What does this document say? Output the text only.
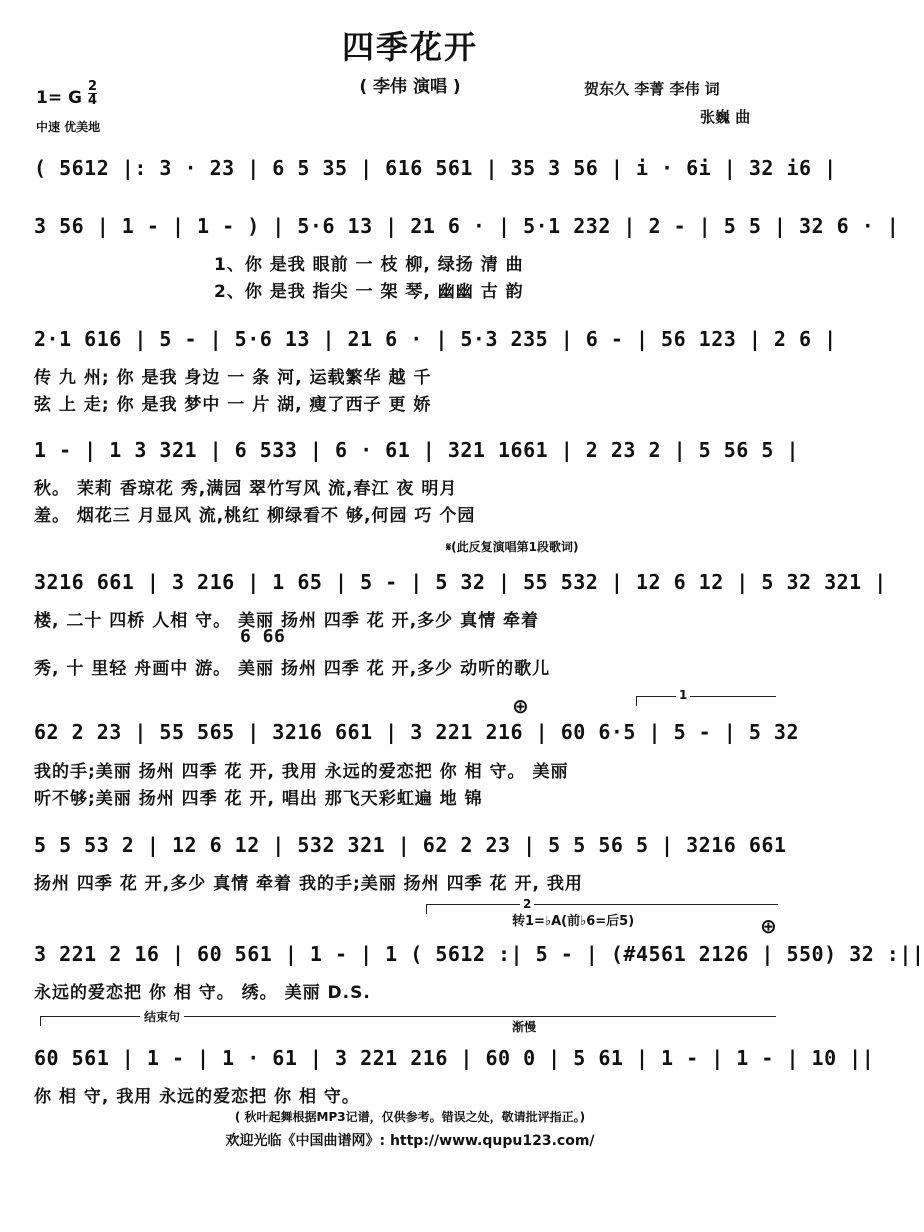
四季花开
( 李伟 演唱 )	贺东久 李菁 李伟 词
张巍 曲
1= G
2
4
中速 优美地
( 5612 |: 3 · 23 | 6 5 35 | 616 561 | 35 3 56 | i · 6i | 32 i6 |
3 56 | 1 - | 1 - ) | 5·6 13 | 21 6 · | 5·1 232 | 2 - | 5 5 | 32 6 · |
1、你 是我 眼前 一 枝 柳, 绿扬 清 曲
2、你 是我 指尖 一 架 琴, 幽幽 古 韵
2·1 616 | 5 - | 5·6 13 | 21 6 · | 5·3 235 | 6 - | 56 123 | 2 6 |
传 九 州; 你 是我 身边 一 条 河, 运载繁华 越 千
弦 上 走; 你 是我 梦中 一 片 湖, 瘦了西子 更 娇
1 - | 1 3 321 | 6 533 | 6 · 61 | 321 1661 | 2 23 2 | 5 56 5 |
秋。 茉莉 香琼花 秀,满园 翠竹写风 流,春江 夜 明月
羞。 烟花三 月显风 流,桃红 柳绿看不 够,何园 巧 个园
𝄋(此反复演唱第1段歌词)
3216 661 | 3 216 | 1 65 | 5 - | 5 32 | 55 532 | 12 6 12 | 5 32 321 |
楼, 二十 四桥 人相 守。 美丽 扬州 四季 花 开,多少 真情 牵着
6 66
秀, 十 里轻 舟画中 游。 美丽 扬州 四季 花 开,多少 动听的歌儿
1
⊕
62 2 23 | 55 565 | 3216 661 | 3 221 216 | 60 6·5 | 5 - | 5 32
我的手;美丽 扬州 四季 花 开, 我用 永远的爱恋把 你 相 守。 美丽
听不够;美丽 扬州 四季 花 开, 唱出 那飞天彩虹遍 地 锦
5 5 53 2 | 12 6 12 | 532 321 | 62 2 23 | 5 5 56 5 | 3216 661
扬州 四季 花 开,多少 真情 牵着 我的手;美丽 扬州 四季 花 开, 我用
2
转1=♭A(前♭6=后5)	⊕
3 221 2 16 | 60 561 | 1 - | 1 ( 5612 :| 5 - | (#4561 2126 | 550) 32 :||
永远的爱恋把 你 相 守。 绣。 美丽 D.S.
结束句
渐慢
60 561 | 1 - | 1 · 61 | 3 221 216 | 60 0 | 5 61 | 1 - | 1 - | 10 ||
你 相 守, 我用 永远的爱恋把 你 相 守。
( 秋叶起舞根据MP3记谱，仅供参考。错误之处，敬请批评指正。)
欢迎光临《中国曲谱网》: http://www.qupu123.com/
